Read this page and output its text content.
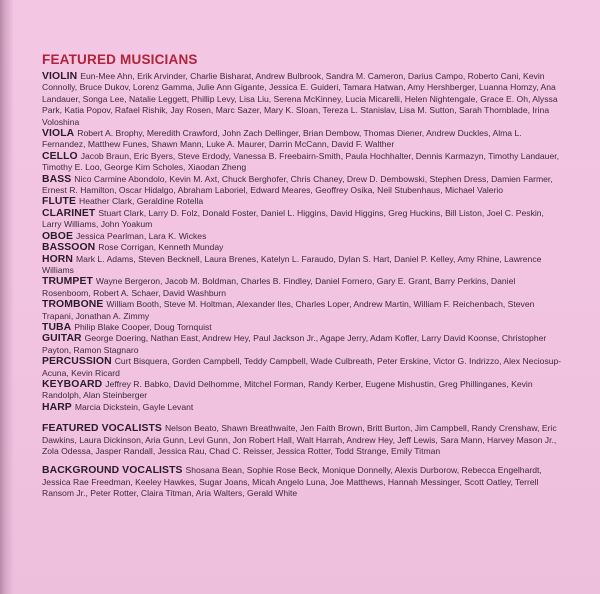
FEATURED MUSICIANS

VIOLIN Eun-Mee Ahn, Erik Arvinder, Charlie Bisharat, Andrew Bulbrook, Sandra M. Cameron, Darius Campo, Roberto Cani, Kevin Connolly, Bruce Dukov, Lorenz Gamma, Julie Ann Gigante, Jessica E. Guideri, Tamara Hatwan, Amy Hershberger, Luanna Homzy, Ana Landauer, Songa Lee, Natalie Leggett, Phillip Levy, Lisa Liu, Serena McKinney, Lucia Micarelli, Helen Nightengale, Grace E. Oh, Alyssa Park, Katia Popov, Rafael Rishik, Jay Rosen, Marc Sazer, Mary K. Sloan, Tereza L. Stanislav, Lisa M. Sutton, Sarah Thornblade, Irina Voloshina

VIOLA Robert A. Brophy, Meredith Crawford, John Zach Dellinger, Brian Dembow, Thomas Diener, Andrew Duckles, Alma L. Fernandez, Matthew Funes, Shawn Mann, Luke A. Maurer, Darrin McCann, David F. Walther

CELLO Jacob Braun, Eric Byers, Steve Erdody, Vanessa B. Freebairn-Smith, Paula Hochhalter, Dennis Karmazyn, Timothy Landauer, Timothy E. Loo, George Kim Scholes, Xiaodan Zheng

BASS Nico Carmine Abondolo, Kevin M. Axt, Chuck Berghofer, Chris Chaney, Drew D. Dembowski, Stephen Dress, Damien Farmer, Ernest R. Hamilton, Oscar Hidalgo, Abraham Laboriel, Edward Meares, Geoffrey Osika, Neil Stubenhaus, Michael Valerio

FLUTE Heather Clark, Geraldine Rotella

CLARINET Stuart Clark, Larry D. Folz, Donald Foster, Daniel L. Higgins, David Higgins, Greg Huckins, Bill Liston, Joel C. Peskin, Larry Williams, John Yoakum

OBOE Jessica Pearlman, Lara K. Wickes

BASSOON Rose Corrigan, Kenneth Munday

HORN Mark L. Adams, Steven Becknell, Laura Brenes, Katelyn L. Faraudo, Dylan S. Hart, Daniel P. Kelley, Amy Rhine, Lawrence Williams

TRUMPET Wayne Bergeron, Jacob M. Boldman, Charles B. Findley, Daniel Fornero, Gary E. Grant, Barry Perkins, Daniel Rosenboom, Robert A. Schaer, David Washburn

TROMBONE William Booth, Steve M. Holtman, Alexander Iles, Charles Loper, Andrew Martin, William F. Reichenbach, Steven Trapani, Jonathan A. Zimmy

TUBA Philip Blake Cooper, Doug Tornquist

GUITAR George Doering, Nathan East, Andrew Hey, Paul Jackson Jr., Agape Jerry, Adam Kofler, Larry David Koonse, Christopher Payton, Ramon Stagnaro

PERCUSSION Curt Bisquera, Gorden Campbell, Teddy Campbell, Wade Culbreath, Peter Erskine, Victor G. Indrizzo, Alex Neciosup-Acuna, Kevin Ricard

KEYBOARD Jeffrey R. Babko, David Delhomme, Mitchel Forman, Randy Kerber, Eugene Mishustin, Greg Phillinganes, Kevin Randolph, Alan Steinberger

HARP Marcia Dickstein, Gayle Levant

FEATURED VOCALISTS Nelson Beato, Shawn Breathwaite, Jen Faith Brown, Britt Burton, Jim Campbell, Randy Crenshaw, Eric Dawkins, Laura Dickinson, Aria Gunn, Levi Gunn, Jon Robert Hall, Walt Harrah, Andrew Hey, Jeff Lewis, Sara Mann, Harvey Mason Jr., Zola Odessa, Jasper Randall, Jessica Rau, Chad C. Reisser, Jessica Rotter, Todd Strange, Emily Titman

BACKGROUND VOCALISTS Shosana Bean, Sophie Rose Beck, Monique Donnelly, Alexis Durborow, Rebecca Engelhardt, Jessica Rae Freedman, Keeley Hawkes, Sugar Joans, Micah Angelo Luna, Joe Matthews, Hannah Messinger, Scott Oatley, Terrell Ransom Jr., Peter Rotter, Claira Titman, Aria Walters, Gerald White
